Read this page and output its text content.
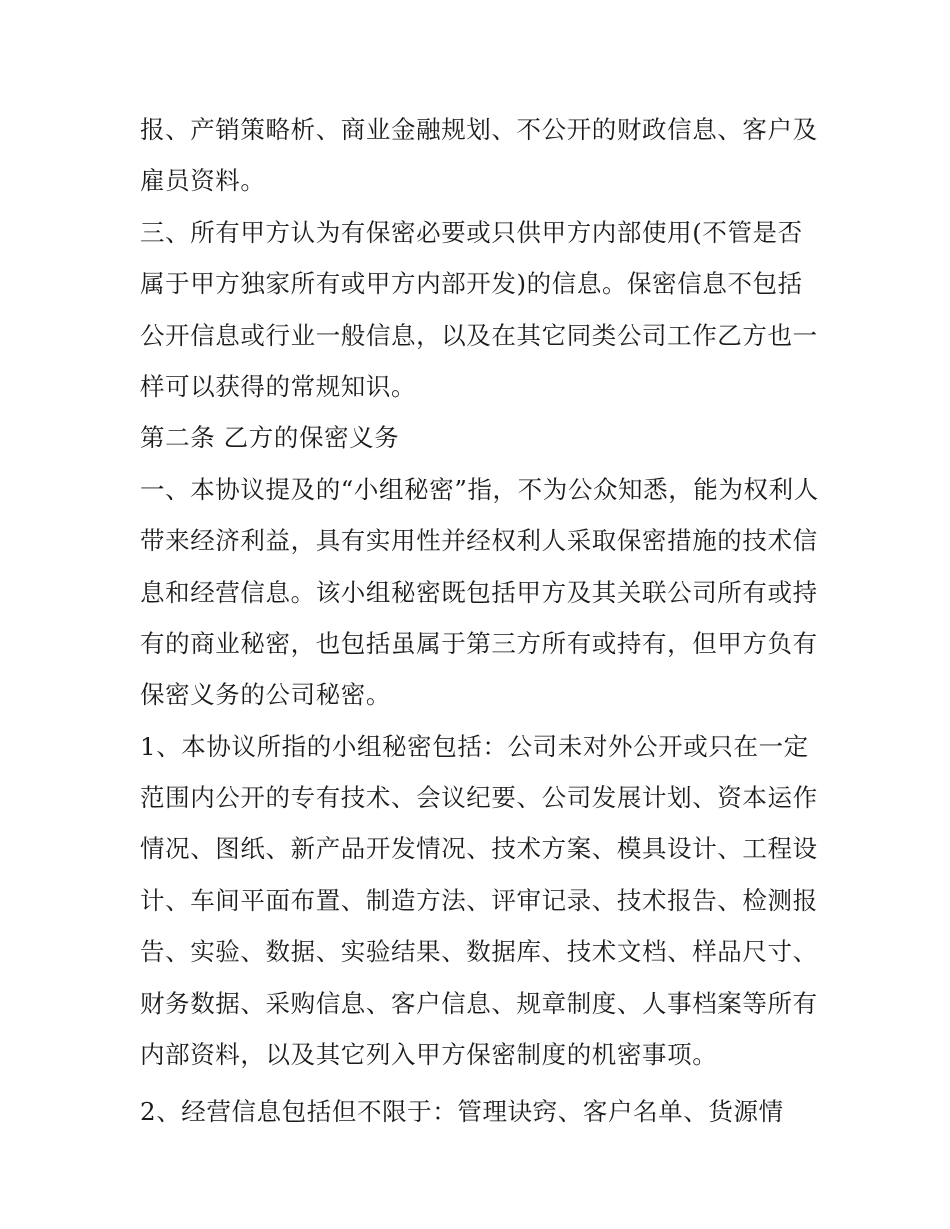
报、产销策略析、商业金融规划、不公开的财政信息、客户及
雇员资料。
三、所有甲方认为有保密必要或只供甲方内部使用(不管是否
属于甲方独家所有或甲方内部开发)的信息。保密信息不包括
公开信息或行业一般信息，以及在其它同类公司工作乙方也一
样可以获得的常规知识。
第二条 乙方的保密义务
一、本协议提及的“小组秘密”指，不为公众知悉，能为权利人
带来经济利益，具有实用性并经权利人采取保密措施的技术信
息和经营信息。该小组秘密既包括甲方及其关联公司所有或持
有的商业秘密，也包括虽属于第三方所有或持有，但甲方负有
保密义务的公司秘密。
1、本协议所指的小组秘密包括：公司未对外公开或只在一定
范围内公开的专有技术、会议纪要、公司发展计划、资本运作
情况、图纸、新产品开发情况、技术方案、模具设计、工程设
计、车间平面布置、制造方法、评审记录、技术报告、检测报
告、实验、数据、实验结果、数据库、技术文档、样品尺寸、
财务数据、采购信息、客户信息、规章制度、人事档案等所有
内部资料，以及其它列入甲方保密制度的机密事项。
2、经营信息包括但不限于：管理诀窍、客户名单、货源情
